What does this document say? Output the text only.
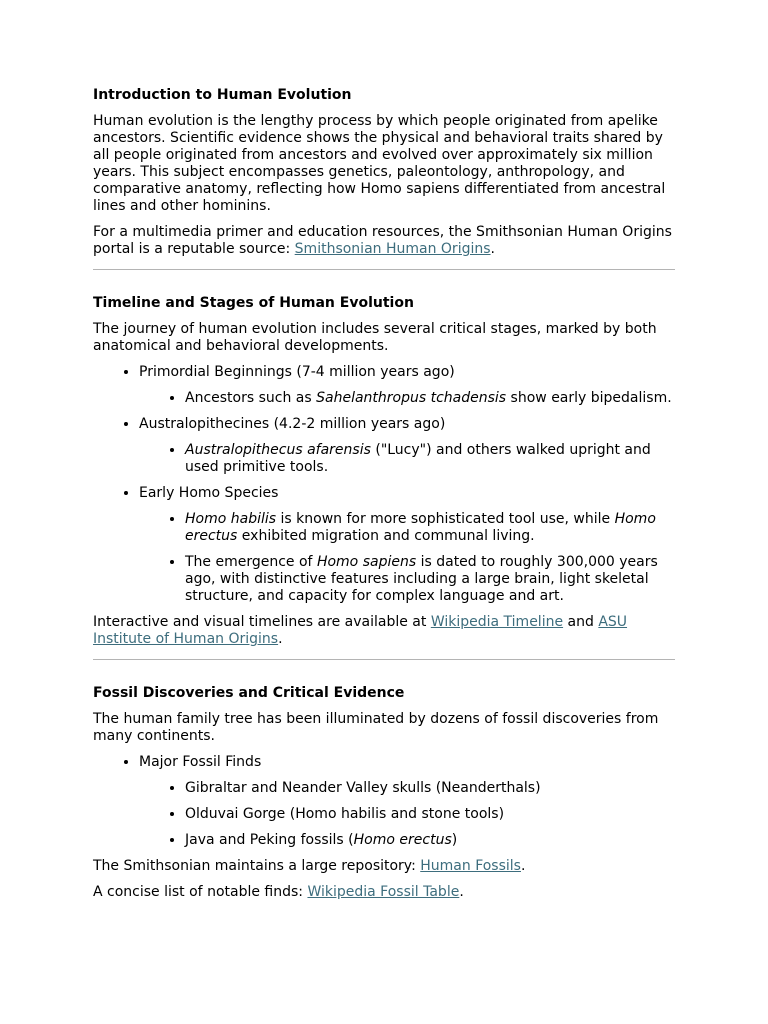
Introduction to Human Evolution

Human evolution is the lengthy process by which people originated from apelike ancestors. Scientific evidence shows the physical and behavioral traits shared by all people originated from ancestors and evolved over approximately six million years. This subject encompasses genetics, paleontology, anthropology, and comparative anatomy, reflecting how Homo sapiens differentiated from ancestral lines and other hominins.

For a multimedia primer and education resources, the Smithsonian Human Origins portal is a reputable source: Smithsonian Human Origins.

Timeline and Stages of Human Evolution

The journey of human evolution includes several critical stages, marked by both anatomical and behavioral developments.

• Primordial Beginnings (7-4 million years ago)
• Ancestors such as Sahelanthropus tchadensis show early bipedalism.
• Australopithecines (4.2-2 million years ago)
• Australopithecus afarensis ("Lucy") and others walked upright and used primitive tools.
• Early Homo Species
• Homo habilis is known for more sophisticated tool use, while Homo erectus exhibited migration and communal living.
• The emergence of Homo sapiens is dated to roughly 300,000 years ago, with distinctive features including a large brain, light skeletal structure, and capacity for complex language and art.

Interactive and visual timelines are available at Wikipedia Timeline and ASU Institute of Human Origins.

Fossil Discoveries and Critical Evidence

The human family tree has been illuminated by dozens of fossil discoveries from many continents.

• Major Fossil Finds
• Gibraltar and Neander Valley skulls (Neanderthals)
• Olduvai Gorge (Homo habilis and stone tools)
• Java and Peking fossils (Homo erectus)

The Smithsonian maintains a large repository: Human Fossils.

A concise list of notable finds: Wikipedia Fossil Table.
